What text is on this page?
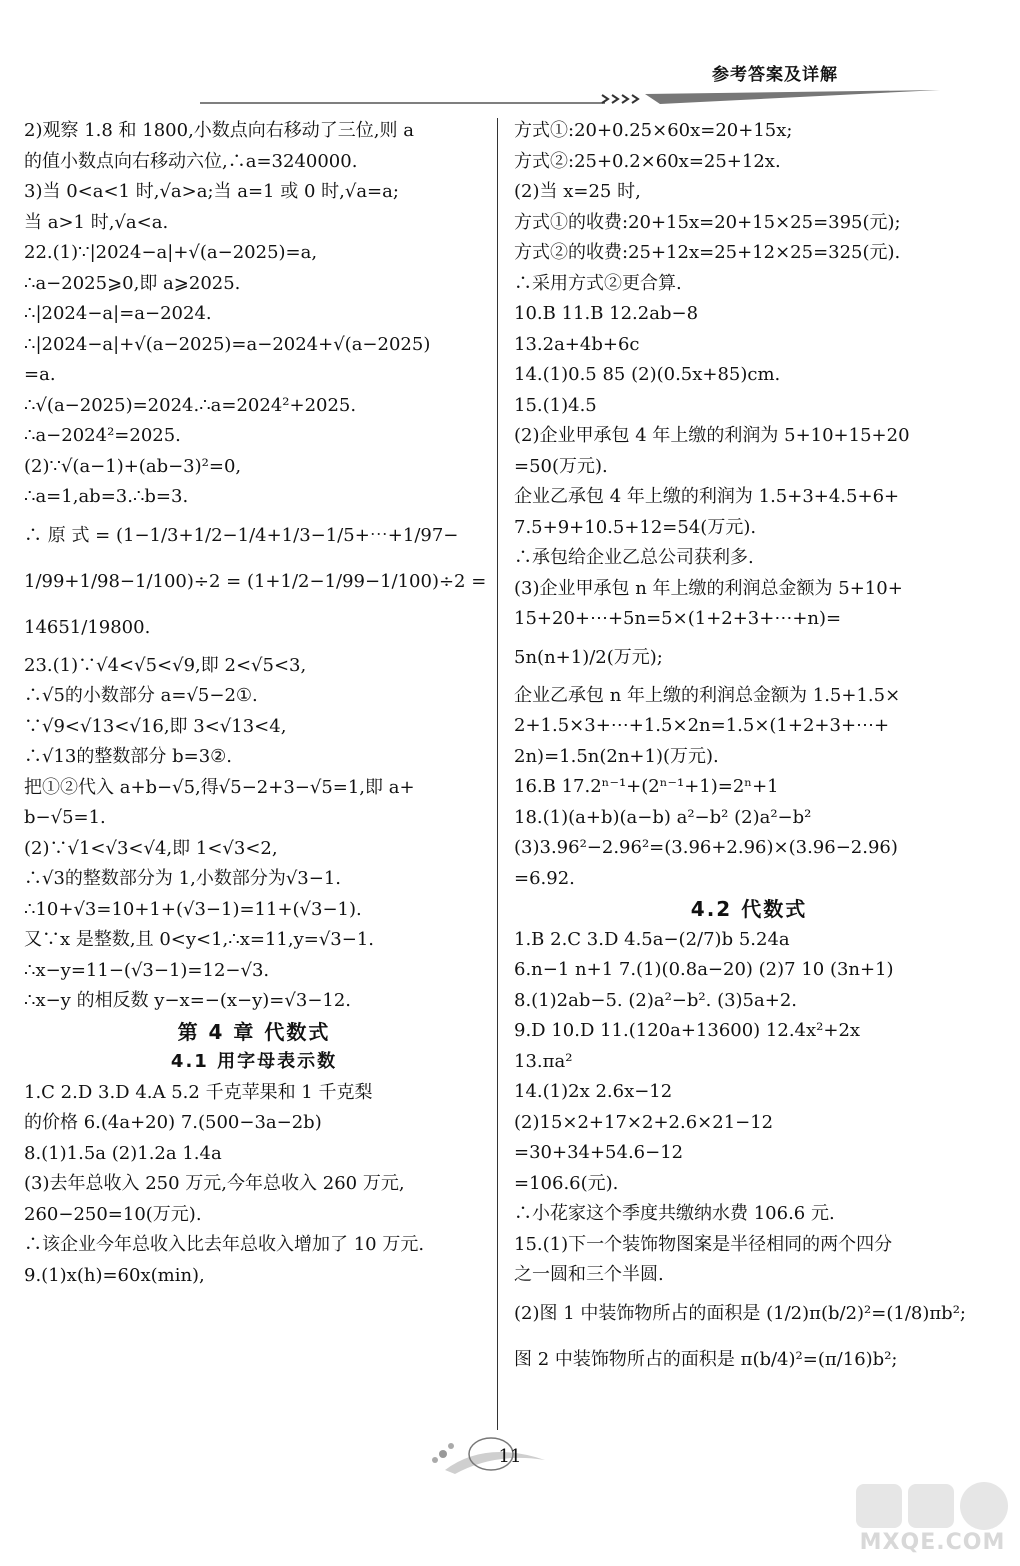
参考答案及详解
2)观察 1.8 和 1800,小数点向右移动了三位,则 a
的值小数点向右移动六位,∴a=3240000.
3)当 0<a<1 时,√a>a;当 a=1 或 0 时,√a=a;
当 a>1 时,√a<a.
22.(1)∵|2024−a|+√(a−2025)=a,
∴a−2025⩾0,即 a⩾2025.
∴|2024−a|=a−2024.
∴|2024−a|+√(a−2025)=a−2024+√(a−2025)
=a.
∴√(a−2025)=2024.∴a=2024²+2025.
∴a−2024²=2025.
(2)∵√(a−1)+(ab−3)²=0,
∴a=1,ab=3.∴b=3.
∴ 原 式 = (1−1/3+1/2−1/4+1/3−1/5+⋯+1/97−
1/99+1/98−1/100)÷2 = (1+1/2−1/99−1/100)÷2 =
14651/19800.
23.(1)∵√4<√5<√9,即 2<√5<3,
∴√5的小数部分 a=√5−2①.
∵√9<√13<√16,即 3<√13<4,
∴√13的整数部分 b=3②.
把①②代入 a+b−√5,得√5−2+3−√5=1,即 a+
b−√5=1.
(2)∵√1<√3<√4,即 1<√3<2,
∴√3的整数部分为 1,小数部分为√3−1.
∴10+√3=10+1+(√3−1)=11+(√3−1).
又∵x 是整数,且 0<y<1,∴x=11,y=√3−1.
∴x−y=11−(√3−1)=12−√3.
∴x−y 的相反数 y−x=−(x−y)=√3−12.
第 4 章 代数式
4.1 用字母表示数
1.C 2.D 3.D 4.A 5.2 千克苹果和 1 千克梨
的价格 6.(4a+20) 7.(500−3a−2b)
8.(1)1.5a (2)1.2a 1.4a
(3)去年总收入 250 万元,今年总收入 260 万元,
260−250=10(万元).
∴该企业今年总收入比去年总收入增加了 10 万元.
9.(1)x(h)=60x(min),
方式①:20+0.25×60x=20+15x;
方式②:25+0.2×60x=25+12x.
(2)当 x=25 时,
方式①的收费:20+15x=20+15×25=395(元);
方式②的收费:25+12x=25+12×25=325(元).
∴采用方式②更合算.
10.B 11.B 12.2ab−8
13.2a+4b+6c
14.(1)0.5 85 (2)(0.5x+85)cm.
15.(1)4.5
(2)企业甲承包 4 年上缴的利润为 5+10+15+20
=50(万元).
企业乙承包 4 年上缴的利润为 1.5+3+4.5+6+
7.5+9+10.5+12=54(万元).
∴承包给企业乙总公司获利多.
(3)企业甲承包 n 年上缴的利润总金额为 5+10+
15+20+⋯+5n=5×(1+2+3+⋯+n)=
5n(n+1)/2(万元);
企业乙承包 n 年上缴的利润总金额为 1.5+1.5×
2+1.5×3+⋯+1.5×2n=1.5×(1+2+3+⋯+
2n)=1.5n(2n+1)(万元).
16.B 17.2ⁿ⁻¹+(2ⁿ⁻¹+1)=2ⁿ+1
18.(1)(a+b)(a−b) a²−b² (2)a²−b²
(3)3.96²−2.96²=(3.96+2.96)×(3.96−2.96)
=6.92.
4.2 代数式
1.B 2.C 3.D 4.5a−(2/7)b 5.24a
6.n−1 n+1 7.(1)(0.8a−20) (2)7 10 (3n+1)
8.(1)2ab−5. (2)a²−b². (3)5a+2.
9.D 10.D 11.(120a+13600) 12.4x²+2x
13.πa²
14.(1)2x 2.6x−12
(2)15×2+17×2+2.6×21−12
=30+34+54.6−12
=106.6(元).
∴小花家这个季度共缴纳水费 106.6 元.
15.(1)下一个装饰物图案是半径相同的两个四分
之一圆和三个半圆.
(2)图 1 中装饰物所占的面积是 (1/2)π(b/2)²=(1/8)πb²;
图 2 中装饰物所占的面积是 π(b/4)²=(π/16)b²;
11
MXQE.COM
